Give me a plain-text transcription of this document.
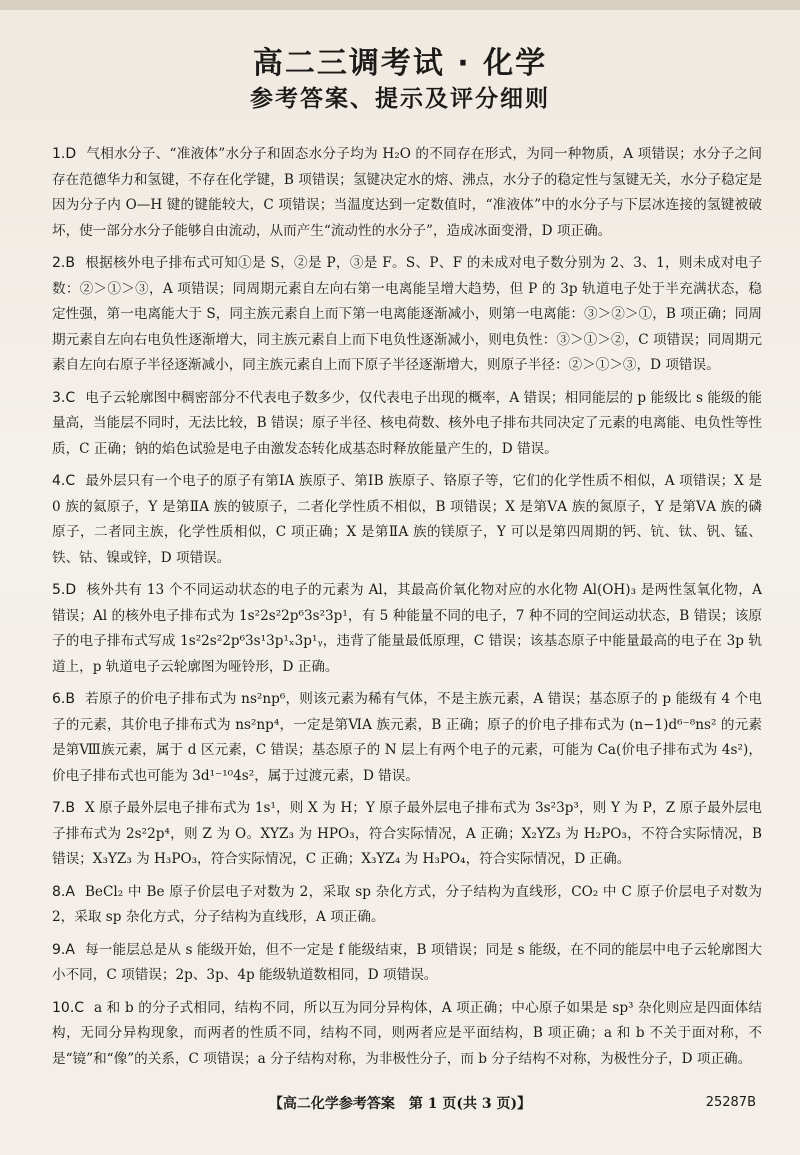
高二三调考试 · 化学
参考答案、提示及评分细则

1.D 气相水分子、“准液体”水分子和固态水分子均为 H₂O 的不同存在形式，为同一种物质，A 项错误；水分子之间存在范德华力和氢键，不存在化学键，B 项错误；氢键决定水的熔、沸点，水分子的稳定性与氢键无关，水分子稳定是因为分子内 O—H 键的键能较大，C 项错误；当温度达到一定数值时，“准液体”中的水分子与下层冰连接的氢键被破坏，使一部分水分子能够自由流动，从而产生“流动性的水分子”，造成冰面变滑，D 项正确。

2.B 根据核外电子排布式可知①是 S，②是 P，③是 F。S、P、F 的未成对电子数分别为 2、3、1，则未成对电子数：②＞①＞③，A 项错误；同周期元素自左向右第一电离能呈增大趋势，但 P 的 3p 轨道电子处于半充满状态，稳定性强，第一电离能大于 S，同主族元素自上而下第一电离能逐渐减小，则第一电离能：③＞②＞①，B 项正确；同周期元素自左向右电负性逐渐增大，同主族元素自上而下电负性逐渐减小，则电负性：③＞①＞②，C 项错误；同周期元素自左向右原子半径逐渐减小，同主族元素自上而下原子半径逐渐增大，则原子半径：②＞①＞③，D 项错误。

3.C 电子云轮廓图中稠密部分不代表电子数多少，仅代表电子出现的概率，A 错误；相同能层的 p 能级比 s 能级的能量高，当能层不同时，无法比较，B 错误；原子半径、核电荷数、核外电子排布共同决定了元素的电离能、电负性等性质，C 正确；钠的焰色试验是电子由激发态转化成基态时释放能量产生的，D 错误。

4.C 最外层只有一个电子的原子有第ⅠA 族原子、第ⅠB 族原子、铬原子等，它们的化学性质不相似，A 项错误；X 是 0 族的氦原子，Y 是第ⅡA 族的铍原子，二者化学性质不相似，B 项错误；X 是第ⅤA 族的氮原子，Y 是第ⅤA 族的磷原子，二者同主族，化学性质相似，C 项正确；X 是第ⅡA 族的镁原子，Y 可以是第四周期的钙、钪、钛、钒、锰、铁、钴、镍或锌，D 项错误。

5.D 核外共有 13 个不同运动状态的电子的元素为 Al，其最高价氧化物对应的水化物 Al(OH)₃ 是两性氢氧化物，A 错误；Al 的核外电子排布式为 1s²2s²2p⁶3s²3p¹，有 5 种能量不同的电子，7 种不同的空间运动状态，B 错误；该原子的电子排布式写成 1s²2s²2p⁶3s¹3p¹ₓ3p¹ᵧ，违背了能量最低原理，C 错误；该基态原子中能量最高的电子在 3p 轨道上，p 轨道电子云轮廓图为哑铃形，D 正确。

6.B 若原子的价电子排布式为 ns²np⁶，则该元素为稀有气体，不是主族元素，A 错误；基态原子的 p 能级有 4 个电子的元素，其价电子排布式为 ns²np⁴，一定是第ⅥA 族元素，B 正确；原子的价电子排布式为 (n−1)d⁶⁻⁸ns² 的元素是第Ⅷ族元素，属于 d 区元素，C 错误；基态原子的 N 层上有两个电子的元素，可能为 Ca(价电子排布式为 4s²)，价电子排布式也可能为 3d¹⁻¹⁰4s²，属于过渡元素，D 错误。

7.B X 原子最外层电子排布式为 1s¹，则 X 为 H；Y 原子最外层电子排布式为 3s²3p³，则 Y 为 P，Z 原子最外层电子排布式为 2s²2p⁴，则 Z 为 O。XYZ₃ 为 HPO₃，符合实际情况，A 正确；X₂YZ₃ 为 H₂PO₃，不符合实际情况，B 错误；X₃YZ₃ 为 H₃PO₃，符合实际情况，C 正确；X₃YZ₄ 为 H₃PO₄，符合实际情况，D 正确。

8.A BeCl₂ 中 Be 原子价层电子对数为 2，采取 sp 杂化方式，分子结构为直线形，CO₂ 中 C 原子价层电子对数为 2，采取 sp 杂化方式，分子结构为直线形，A 项正确。

9.A 每一能层总是从 s 能级开始，但不一定是 f 能级结束，B 项错误；同是 s 能级，在不同的能层中电子云轮廓图大小不同，C 项错误；2p、3p、4p 能级轨道数相同，D 项错误。

10.C a 和 b 的分子式相同，结构不同，所以互为同分异构体，A 项正确；中心原子如果是 sp³ 杂化则应是四面体结构，无同分异构现象，而两者的性质不同，结构不同，则两者应是平面结构，B 项正确；a 和 b 不关于面对称，不是“镜”和“像”的关系，C 项错误；a 分子结构对称，为非极性分子，而 b 分子结构不对称，为极性分子，D 项正确。

【高二化学参考答案　第 1 页(共 3 页)】	25287B
